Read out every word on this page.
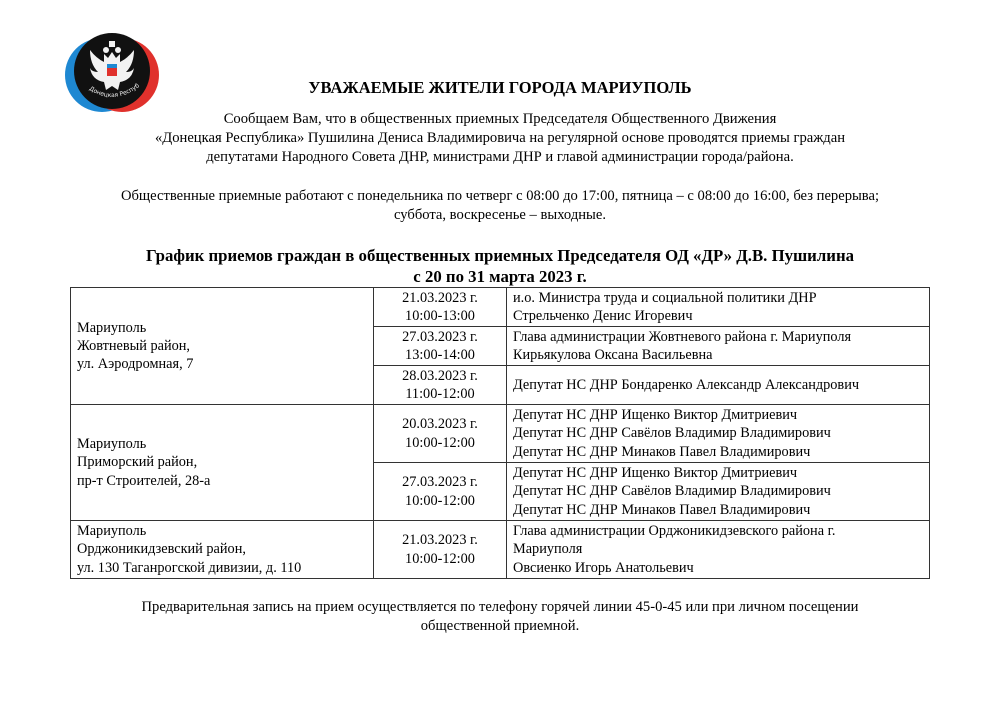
Донецкая Респуб	УВАЖАЕМЫЕ ЖИТЕЛИ ГОРОДА МАРИУПОЛЬ
Сообщаем Вам, что в общественных приемных Председателя Общественного Движения
«Донецкая Республика» Пушилина Дениса Владимировича на регулярной основе проводятся приемы граждан
депутатами Народного Совета ДНР, министрами ДНР и главой администрации города/района.
Общественные приемные работают с понедельника по четверг с 08:00 до 17:00, пятница – с 08:00 до 16:00, без перерыва;
суббота, воскресенье – выходные.
График приемов граждан в общественных приемных Председателя ОД «ДР» Д.В. Пушилина
с 20 по 31 марта 2023 г.
Мариуполь
Жовтневый район,
ул. Аэродромная, 7	21.03.2023 г.
10:00-13:00	и.о. Министра труда и социальной политики ДНР
Стрельченко Денис Игоревич

	27.03.2023 г.
13:00-14:00	Глава администрации Жовтневого района г. Мариуполя
Кирьякулова Оксана Васильевна

	28.03.2023 г.
11:00-12:00	Депутат НС ДНР Бондаренко Александр Александрович

Мариуполь
Приморский район,
пр-т Строителей, 28-а	20.03.2023 г.
10:00-12:00	Депутат НС ДНР Ищенко Виктор Дмитриевич
Депутат НС ДНР Савёлов Владимир Владимирович
Депутат НС ДНР Минаков Павел Владимирович

	27.03.2023 г.
10:00-12:00	Депутат НС ДНР Ищенко Виктор Дмитриевич
Депутат НС ДНР Савёлов Владимир Владимирович
Депутат НС ДНР Минаков Павел Владимирович

Мариуполь
Орджоникидзевский район,
ул. 130 Таганрогской дивизии, д. 110	21.03.2023 г.
10:00-12:00	Глава администрации Орджоникидзевского района г.
Мариуполя
Овсиенко Игорь Анатольевич
Предварительная запись на прием осуществляется по телефону горячей линии 45-0-45 или при личном посещении
общественной приемной.
